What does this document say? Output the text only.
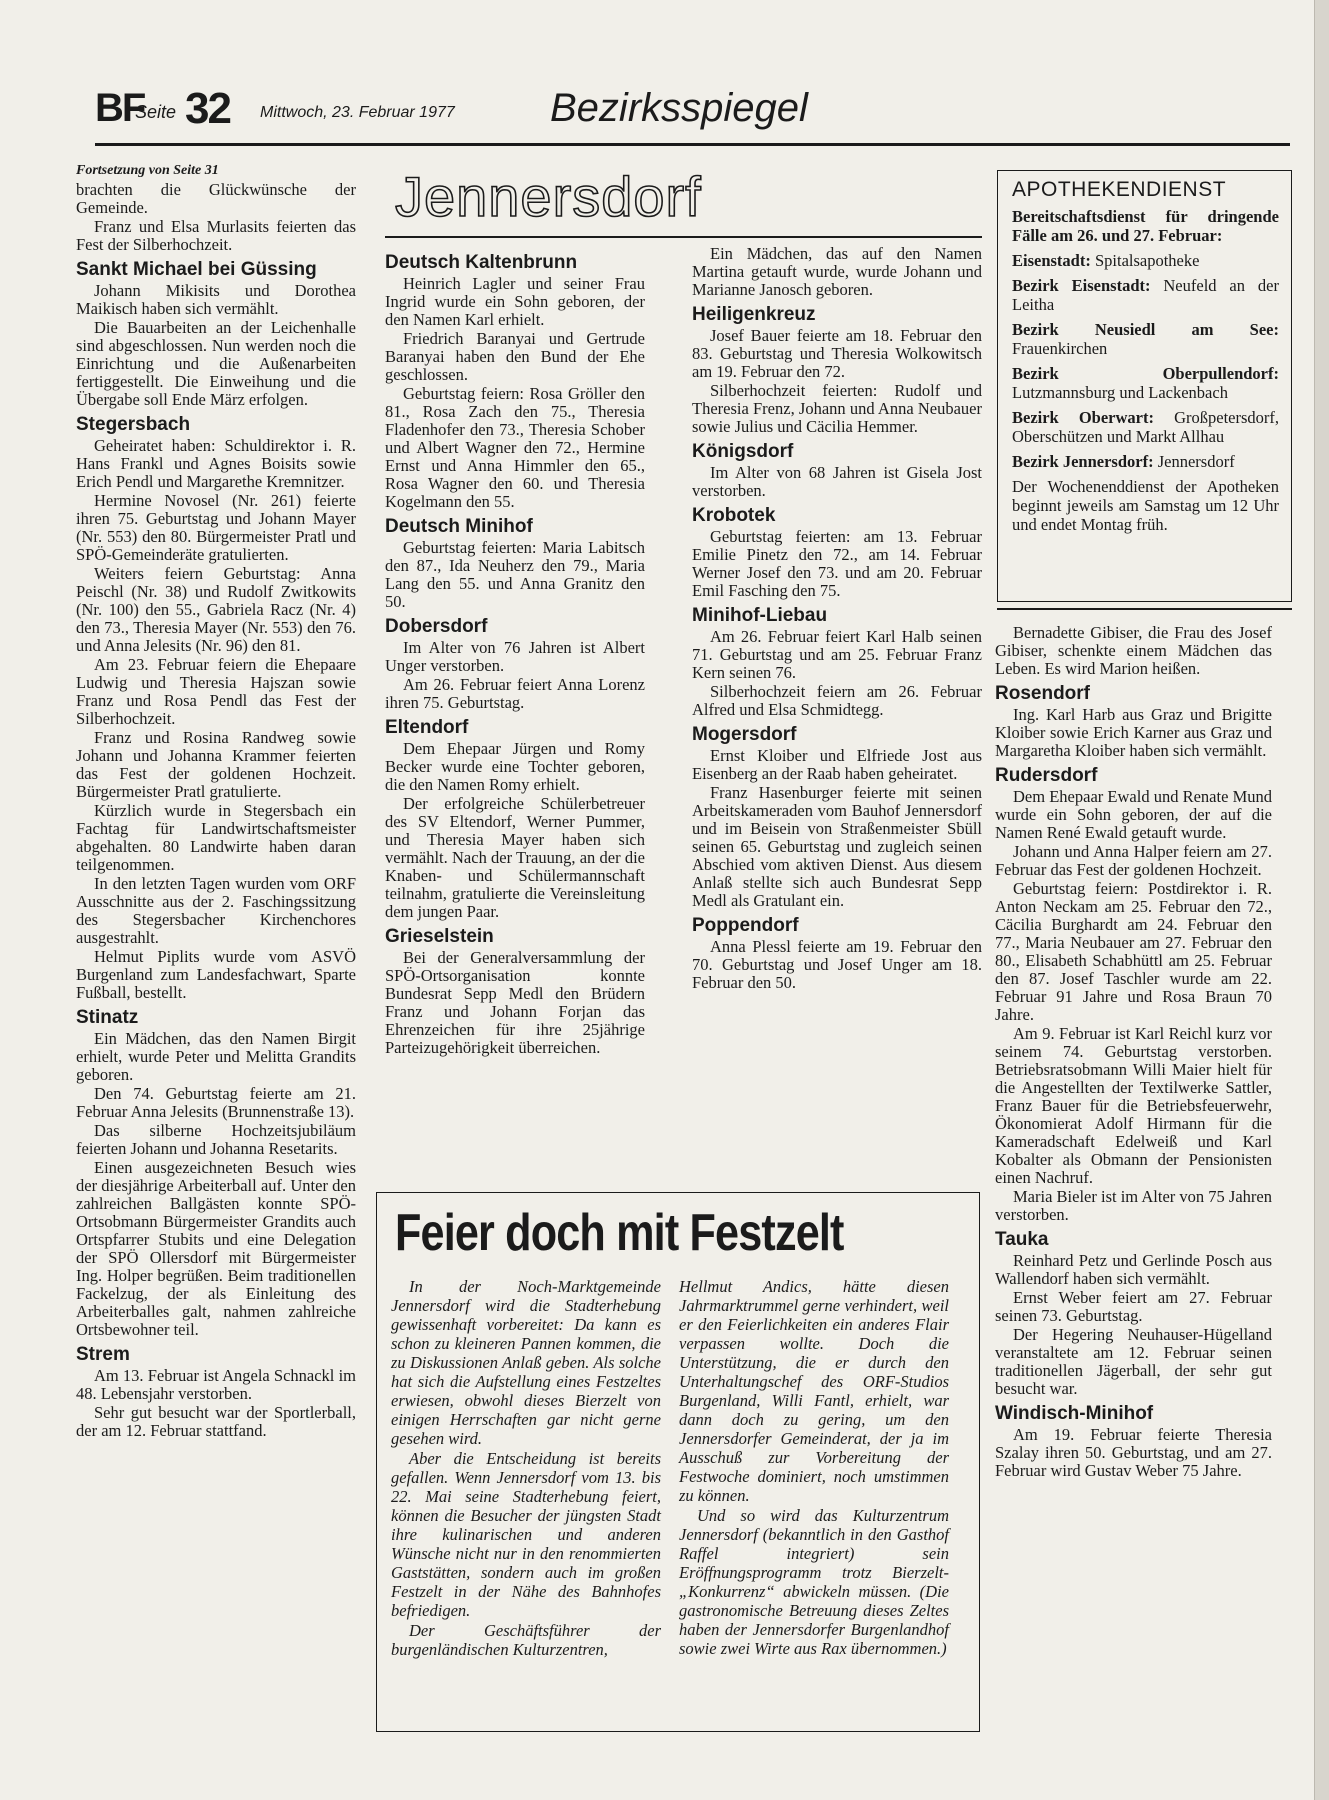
BF
Seite 32 Mittwoch, 23. Februar 1977 Bezirksspiegel

Fortsetzung von Seite 31

brachten die Glückwünsche der Gemeinde.

Franz und Elsa Murlasits feierten das Fest der Silberhochzeit.

Sankt Michael bei Güssing

Johann Mikisits und Dorothea Maikisch haben sich vermählt.

Die Bauarbeiten an der Leichenhalle sind abgeschlossen. Nun werden noch die Einrichtung und die Außenarbeiten fertiggestellt. Die Einweihung und die Übergabe soll Ende März erfolgen.

Stegersbach

Geheiratet haben: Schuldirektor i. R. Hans Frankl und Agnes Boisits sowie Erich Pendl und Margarethe Kremnitzer.

Hermine Novosel (Nr. 261) feierte ihren 75. Geburtstag und Johann Mayer (Nr. 553) den 80. Bürgermeister Pratl und SPÖ-Gemeinderäte gratulierten.

Weiters feiern Geburtstag: Anna Peischl (Nr. 38) und Rudolf Zwitkowits (Nr. 100) den 55., Gabriela Racz (Nr. 4) den 73., Theresia Mayer (Nr. 553) den 76. und Anna Jelesits (Nr. 96) den 81.

Am 23. Februar feiern die Ehepaare Ludwig und Theresia Hajszan sowie Franz und Rosa Pendl das Fest der Silberhochzeit.

Franz und Rosina Randweg sowie Johann und Johanna Krammer feierten das Fest der goldenen Hochzeit. Bürgermeister Pratl gratulierte.

Kürzlich wurde in Stegersbach ein Fachtag für Landwirtschaftsmeister abgehalten. 80 Landwirte haben daran teilgenommen.

In den letzten Tagen wurden vom ORF Ausschnitte aus der 2. Faschingssitzung des Stegersbacher Kirchenchores ausgestrahlt.

Helmut Piplits wurde vom ASVÖ Burgenland zum Landesfachwart, Sparte Fußball, bestellt.

Stinatz

Ein Mädchen, das den Namen Birgit erhielt, wurde Peter und Melitta Grandits geboren.

Den 74. Geburtstag feierte am 21. Februar Anna Jelesits (Brunnenstraße 13).

Das silberne Hochzeitsjubiläum feierten Johann und Johanna Resetarits.

Einen ausgezeichneten Besuch wies der diesjährige Arbeiterball auf. Unter den zahlreichen Ballgästen konnte SPÖ-Ortsobmann Bürgermeister Grandits auch Ortspfarrer Stubits und eine Delegation der SPÖ Ollersdorf mit Bürgermeister Ing. Holper begrüßen. Beim traditionellen Fackelzug, der als Einleitung des Arbeiterballes galt, nahmen zahlreiche Ortsbewohner teil.

Strem

Am 13. Februar ist Angela Schnackl im 48. Lebensjahr verstorben.

Sehr gut besucht war der Sportlerball, der am 12. Februar stattfand.

Jennersdorf
Deutsch Kaltenbrunn

Heinrich Lagler und seiner Frau Ingrid wurde ein Sohn geboren, der den Namen Karl erhielt.

Friedrich Baranyai und Gertrude Baranyai haben den Bund der Ehe geschlossen.

Geburtstag feiern: Rosa Gröller den 81., Rosa Zach den 75., Theresia Fladenhofer den 73., Theresia Schober und Albert Wagner den 72., Hermine Ernst und Anna Himmler den 65., Rosa Wagner den 60. und Theresia Kogelmann den 55.

Deutsch Minihof

Geburtstag feierten: Maria Labitsch den 87., Ida Neuherz den 79., Maria Lang den 55. und Anna Granitz den 50.

Dobersdorf

Im Alter von 76 Jahren ist Albert Unger verstorben.

Am 26. Februar feiert Anna Lorenz ihren 75. Geburtstag.

Eltendorf

Dem Ehepaar Jürgen und Romy Becker wurde eine Tochter geboren, die den Namen Romy erhielt.

Der erfolgreiche Schülerbetreuer des SV Eltendorf, Werner Pummer, und Theresia Mayer haben sich vermählt. Nach der Trauung, an der die Knaben- und Schülermannschaft teilnahm, gratulierte die Vereinsleitung dem jungen Paar.

Grieselstein

Bei der Generalversammlung der SPÖ-Ortsorganisation konnte Bundesrat Sepp Medl den Brüdern Franz und Johann Forjan das Ehrenzeichen für ihre 25jährige Parteizugehörigkeit überreichen.

Ein Mädchen, das auf den Namen Martina getauft wurde, wurde Johann und Marianne Janosch geboren.

Heiligenkreuz

Josef Bauer feierte am 18. Februar den 83. Geburtstag und Theresia Wolkowitsch am 19. Februar den 72.

Silberhochzeit feierten: Rudolf und Theresia Frenz, Johann und Anna Neubauer sowie Julius und Cäcilia Hemmer.

Königsdorf

Im Alter von 68 Jahren ist Gisela Jost verstorben.

Krobotek

Geburtstag feierten: am 13. Februar Emilie Pinetz den 72., am 14. Februar Werner Josef den 73. und am 20. Februar Emil Fasching den 75.

Minihof-Liebau

Am 26. Februar feiert Karl Halb seinen 71. Geburtstag und am 25. Februar Franz Kern seinen 76.

Silberhochzeit feiern am 26. Februar Alfred und Elsa Schmidtegg.

Mogersdorf

Ernst Kloiber und Elfriede Jost aus Eisenberg an der Raab haben geheiratet.

Franz Hasenburger feierte mit seinen Arbeitskameraden vom Bauhof Jennersdorf und im Beisein von Straßenmeister Sbüll seinen 65. Geburtstag und zugleich seinen Abschied vom aktiven Dienst. Aus diesem Anlaß stellte sich auch Bundesrat Sepp Medl als Gratulant ein.

Poppendorf

Anna Plessl feierte am 19. Februar den 70. Geburtstag und Josef Unger am 18. Februar den 50.

APOTHEKENDIENST

Bereitschaftsdienst für dringende Fälle am 26. und 27. Februar:

Eisenstadt: Spitalsapotheke

Bezirk Eisenstadt: Neufeld an der Leitha

Bezirk Neusiedl am See: Frauenkirchen

Bezirk Oberpullendorf: Lutzmannsburg und Lackenbach

Bezirk Oberwart: Großpetersdorf, Oberschützen und Markt Allhau

Bezirk Jennersdorf: Jennersdorf

Der Wochenenddienst der Apotheken beginnt jeweils am Samstag um 12 Uhr und endet Montag früh.

Bernadette Gibiser, die Frau des Josef Gibiser, schenkte einem Mädchen das Leben. Es wird Marion heißen.

Rosendorf

Ing. Karl Harb aus Graz und Brigitte Kloiber sowie Erich Karner aus Graz und Margaretha Kloiber haben sich vermählt.

Rudersdorf

Dem Ehepaar Ewald und Renate Mund wurde ein Sohn geboren, der auf die Namen René Ewald getauft wurde.

Johann und Anna Halper feiern am 27. Februar das Fest der goldenen Hochzeit.

Geburtstag feiern: Postdirektor i. R. Anton Neckam am 25. Februar den 72., Cäcilia Burghardt am 24. Februar den 77., Maria Neubauer am 27. Februar den 80., Elisabeth Schabhüttl am 25. Februar den 87. Josef Taschler wurde am 22. Februar 91 Jahre und Rosa Braun 70 Jahre.

Am 9. Februar ist Karl Reichl kurz vor seinem 74. Geburtstag verstorben. Betriebsratsobmann Willi Maier hielt für die Angestellten der Textilwerke Sattler, Franz Bauer für die Betriebsfeuerwehr, Ökonomierat Adolf Hirmann für die Kameradschaft Edelweiß und Karl Kobalter als Obmann der Pensionisten einen Nachruf.

Maria Bieler ist im Alter von 75 Jahren verstorben.

Tauka

Reinhard Petz und Gerlinde Posch aus Wallendorf haben sich vermählt.

Ernst Weber feiert am 27. Februar seinen 73. Geburtstag.

Der Hegering Neuhauser-Hügelland veranstaltete am 12. Februar seinen traditionellen Jägerball, der sehr gut besucht war.

Windisch-Minihof

Am 19. Februar feierte Theresia Szalay ihren 50. Geburtstag, und am 27. Februar wird Gustav Weber 75 Jahre.

Feier doch mit Festzelt

In der Noch-Marktgemeinde Jennersdorf wird die Stadterhebung gewissenhaft vorbereitet: Da kann es schon zu kleineren Pannen kommen, die zu Diskussionen Anlaß geben. Als solche hat sich die Aufstellung eines Festzeltes erwiesen, obwohl dieses Bierzelt von einigen Herrschaften gar nicht gerne gesehen wird.

Aber die Entscheidung ist bereits gefallen. Wenn Jennersdorf vom 13. bis 22. Mai seine Stadterhebung feiert, können die Besucher der jüngsten Stadt ihre kulinarischen und anderen Wünsche nicht nur in den renommierten Gaststätten, sondern auch im großen Festzelt in der Nähe des Bahnhofes befriedigen.

Der Geschäftsführer der burgenländischen Kulturzentren,

Hellmut Andics, hätte diesen Jahrmarktrummel gerne verhindert, weil er den Feierlichkeiten ein anderes Flair verpassen wollte. Doch die Unterstützung, die er durch den Unterhaltungschef des ORF-Studios Burgenland, Willi Fantl, erhielt, war dann doch zu gering, um den Jennersdorfer Gemeinderat, der ja im Ausschuß zur Vorbereitung der Festwoche dominiert, noch umstimmen zu können.

Und so wird das Kulturzentrum Jennersdorf (bekanntlich in den Gasthof Raffel integriert) sein Eröffnungsprogramm trotz Bierzelt-„Konkurrenz“ abwickeln müssen. (Die gastronomische Betreuung dieses Zeltes haben der Jennersdorfer Burgenlandhof sowie zwei Wirte aus Rax übernommen.)
